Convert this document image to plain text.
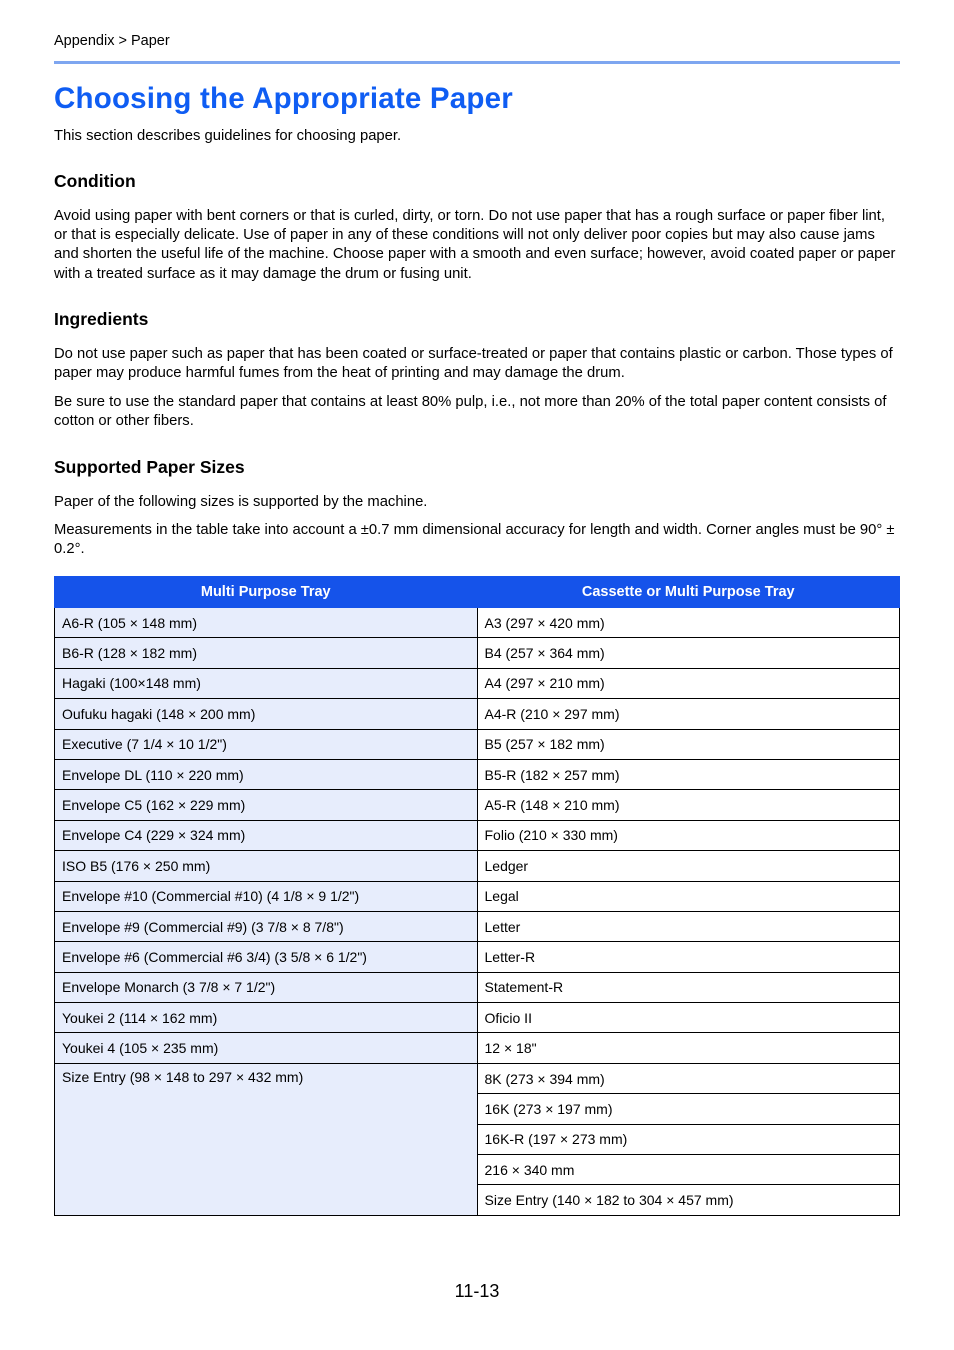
Appendix > Paper
Choosing the Appropriate Paper

This section describes guidelines for choosing paper.

Condition

Avoid using paper with bent corners or that is curled, dirty, or torn. Do not use paper that has a rough surface or paper fiber lint, or that is especially delicate. Use of paper in any of these conditions will not only deliver poor copies but may also cause jams and shorten the useful life of the machine. Choose paper with a smooth and even surface; however, avoid coated paper or paper with a treated surface as it may damage the drum or fusing unit.

Ingredients

Do not use paper such as paper that has been coated or surface-treated or paper that contains plastic or carbon. Those types of paper may produce harmful fumes from the heat of printing and may damage the drum.

Be sure to use the standard paper that contains at least 80% pulp, i.e., not more than 20% of the total paper content consists of cotton or other fibers.

Supported Paper Sizes

Paper of the following sizes is supported by the machine.

Measurements in the table take into account a ±0.7 mm dimensional accuracy for length and width. Corner angles must be 90° ± 0.2°.

Multi Purpose Tray	Cassette or Multi Purpose Tray
A6-R (105 × 148 mm)	A3 (297 × 420 mm)
B6-R (128 × 182 mm)	B4 (257 × 364 mm)
Hagaki (100×148 mm)	A4 (297 × 210 mm)
Oufuku hagaki (148 × 200 mm)	A4-R (210 × 297 mm)
Executive (7 1/4 × 10 1/2")	B5 (257 × 182 mm)
Envelope DL (110 × 220 mm)	B5-R (182 × 257 mm)
Envelope C5 (162 × 229 mm)	A5-R (148 × 210 mm)
Envelope C4 (229 × 324 mm)	Folio (210 × 330 mm)
ISO B5 (176 × 250 mm)	Ledger
Envelope #10 (Commercial #10) (4 1/8 × 9 1/2")	Legal
Envelope #9 (Commercial #9) (3 7/8 × 8 7/8")	Letter
Envelope #6 (Commercial #6 3/4) (3 5/8 × 6 1/2")	Letter-R
Envelope Monarch (3 7/8 × 7 1/2")	Statement-R
Youkei 2 (114 × 162 mm)	Oficio II
Youkei 4 (105 × 235 mm)	12 × 18"
Size Entry (98 × 148 to 297 × 432 mm)	8K (273 × 394 mm)
	16K (273 × 197 mm)
	16K-R (197 × 273 mm)
	216 × 340 mm
	Size Entry (140 × 182 to 304 × 457 mm)
11-13
